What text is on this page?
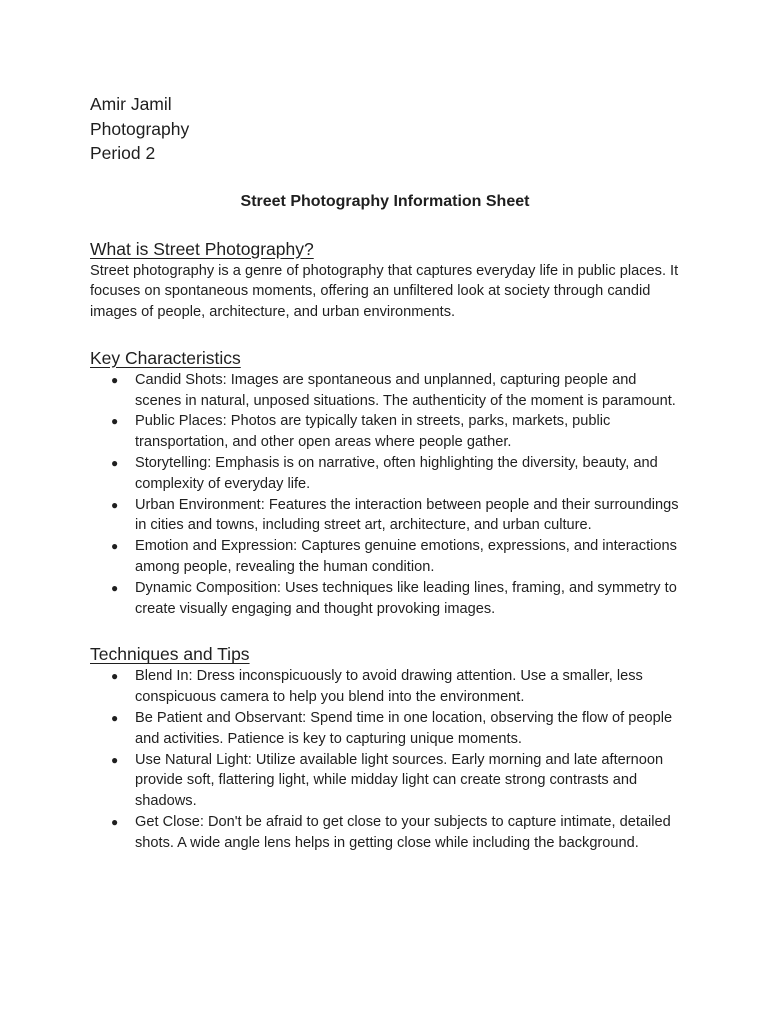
Amir Jamil
Photography
Period 2
Street Photography Information Sheet
What is Street Photography?

Street photography is a genre of photography that captures everyday life in public places. It focuses on spontaneous moments, offering an unfiltered look at society through candid images of people, architecture, and urban environments.

Key Characteristics
● Candid Shots: Images are spontaneous and unplanned, capturing people and scenes in natural, unposed situations. The authenticity of the moment is paramount.
● Public Places: Photos are typically taken in streets, parks, markets, public transportation, and other open areas where people gather.
● Storytelling: Emphasis is on narrative, often highlighting the diversity, beauty, and complexity of everyday life.
● Urban Environment: Features the interaction between people and their surroundings in cities and towns, including street art, architecture, and urban culture.
● Emotion and Expression: Captures genuine emotions, expressions, and interactions among people, revealing the human condition.
● Dynamic Composition: Uses techniques like leading lines, framing, and symmetry to create visually engaging and thought provoking images.
Techniques and Tips
● Blend In: Dress inconspicuously to avoid drawing attention. Use a smaller, less conspicuous camera to help you blend into the environment.
● Be Patient and Observant: Spend time in one location, observing the flow of people and activities. Patience is key to capturing unique moments.
● Use Natural Light: Utilize available light sources. Early morning and late afternoon provide soft, flattering light, while midday light can create strong contrasts and shadows.
● Get Close: Don't be afraid to get close to your subjects to capture intimate, detailed shots. A wide angle lens helps in getting close while including the background.
